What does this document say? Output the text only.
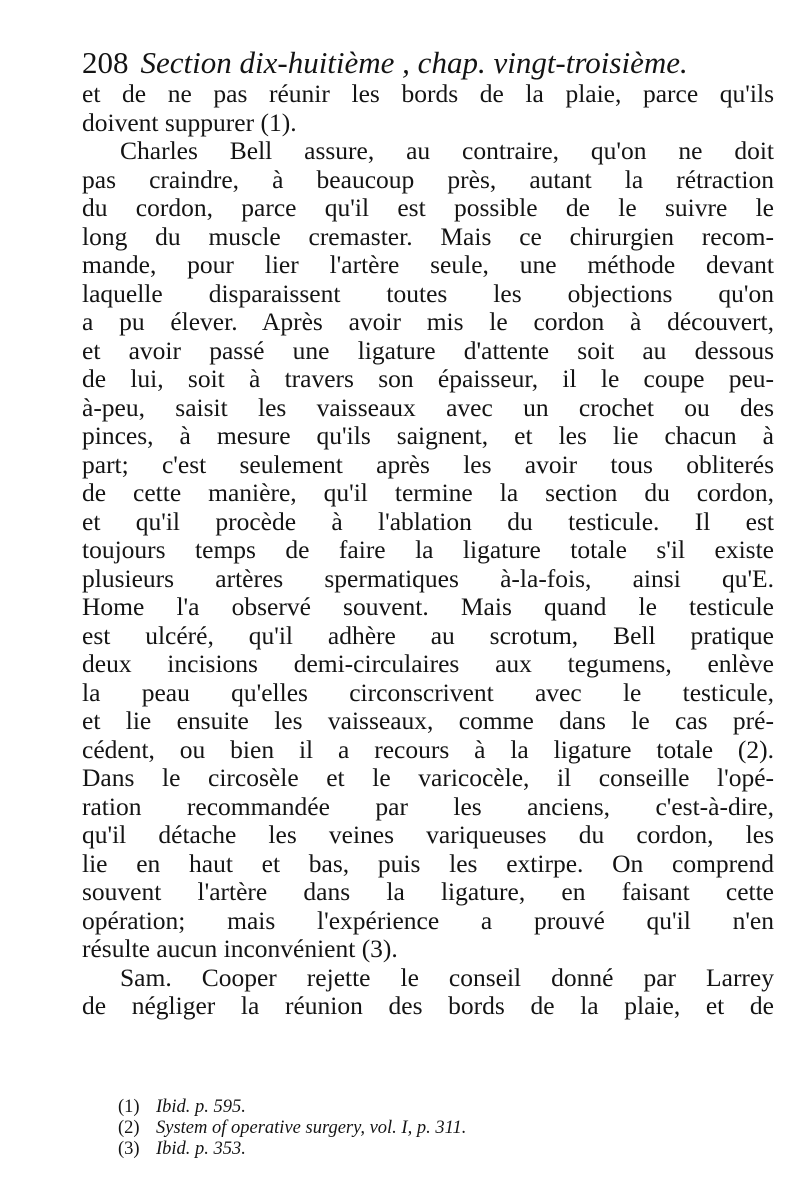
208 Section dix-huitième , chap. vingt-troisième.
et de ne pas réunir les bords de la plaie, parce qu'ils
doivent suppurer (1).
Charles Bell assure, au contraire, qu'on ne doit
pas craindre, à beaucoup près, autant la rétraction
du cordon, parce qu'il est possible de le suivre le
long du muscle cremaster. Mais ce chirurgien recom-
mande, pour lier l'artère seule, une méthode devant
laquelle disparaissent toutes les objections qu'on
a pu élever. Après avoir mis le cordon à découvert,
et avoir passé une ligature d'attente soit au dessous
de lui, soit à travers son épaisseur, il le coupe peu-
à-peu, saisit les vaisseaux avec un crochet ou des
pinces, à mesure qu'ils saignent, et les lie chacun à
part; c'est seulement après les avoir tous obliterés
de cette manière, qu'il termine la section du cordon,
et qu'il procède à l'ablation du testicule. Il est
toujours temps de faire la ligature totale s'il existe
plusieurs artères spermatiques à-la-fois, ainsi qu'E.
Home l'a observé souvent. Mais quand le testicule
est ulcéré, qu'il adhère au scrotum, Bell pratique
deux incisions demi-circulaires aux tegumens, enlève
la peau qu'elles circonscrivent avec le testicule,
et lie ensuite les vaisseaux, comme dans le cas pré-
cédent, ou bien il a recours à la ligature totale (2).
Dans le circosèle et le varicocèle, il conseille l'opé-
ration recommandée par les anciens, c'est-à-dire,
qu'il détache les veines variqueuses du cordon, les
lie en haut et bas, puis les extirpe. On comprend
souvent l'artère dans la ligature, en faisant cette
opération; mais l'expérience a prouvé qu'il n'en
résulte aucun inconvénient (3).
Sam. Cooper rejette le conseil donné par Larrey
de négliger la réunion des bords de la plaie, et de
(1) Ibid. p. 595.
(2) System of operative surgery, vol. I, p. 311.
(3) Ibid. p. 353.
